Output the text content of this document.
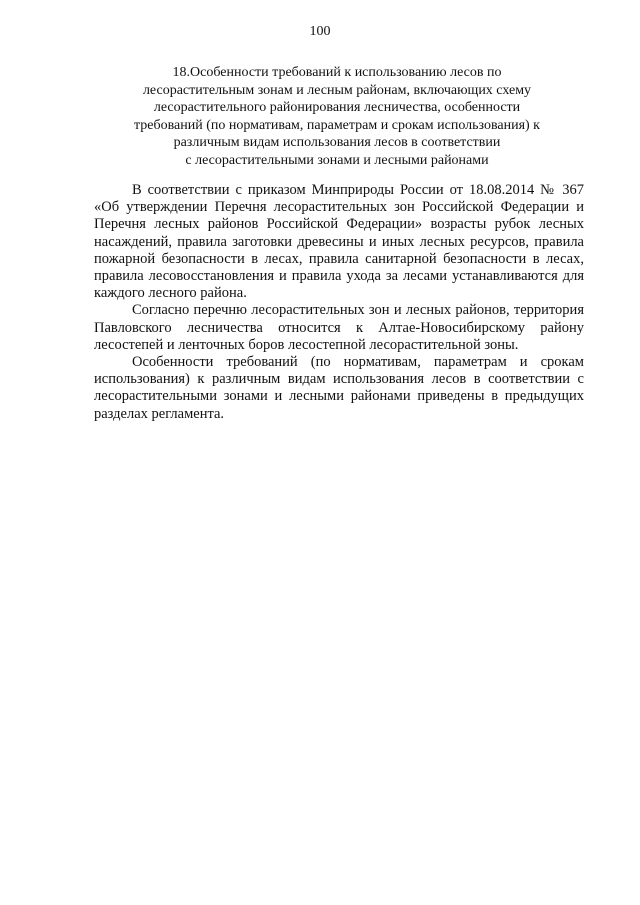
100
18.Особенности требований к использованию лесов по
лесорастительным зонам и лесным районам, включающих схему
лесорастительного районирования лесничества, особенности
требований (по нормативам, параметрам и срокам использования) к
различным видам использования лесов в соответствии
с лесорастительными зонами и лесными районами

В соответствии с приказом Минприроды России от 18.08.2014 № 367 «Об утверждении Перечня лесорастительных зон Российской Федерации и Перечня лесных районов Российской Федерации» возрасты рубок лесных насаждений, правила заготовки древесины и иных лесных ресурсов, правила пожарной безопасности в лесах, правила санитарной безопасности в лесах, правила лесовосстановления и правила ухода за лесами устанавливаются для каждого лесного района.

Согласно перечню лесорастительных зон и лесных районов, территория Павловского лесничества относится к Алтае-Новосибирскому району лесостепей и ленточных боров лесостепной лесорастительной зоны.

Особенности требований (по нормативам, параметрам и срокам использования) к различным видам использования лесов в соответствии с лесорастительными зонами и лесными районами приведены в предыдущих разделах регламента.
